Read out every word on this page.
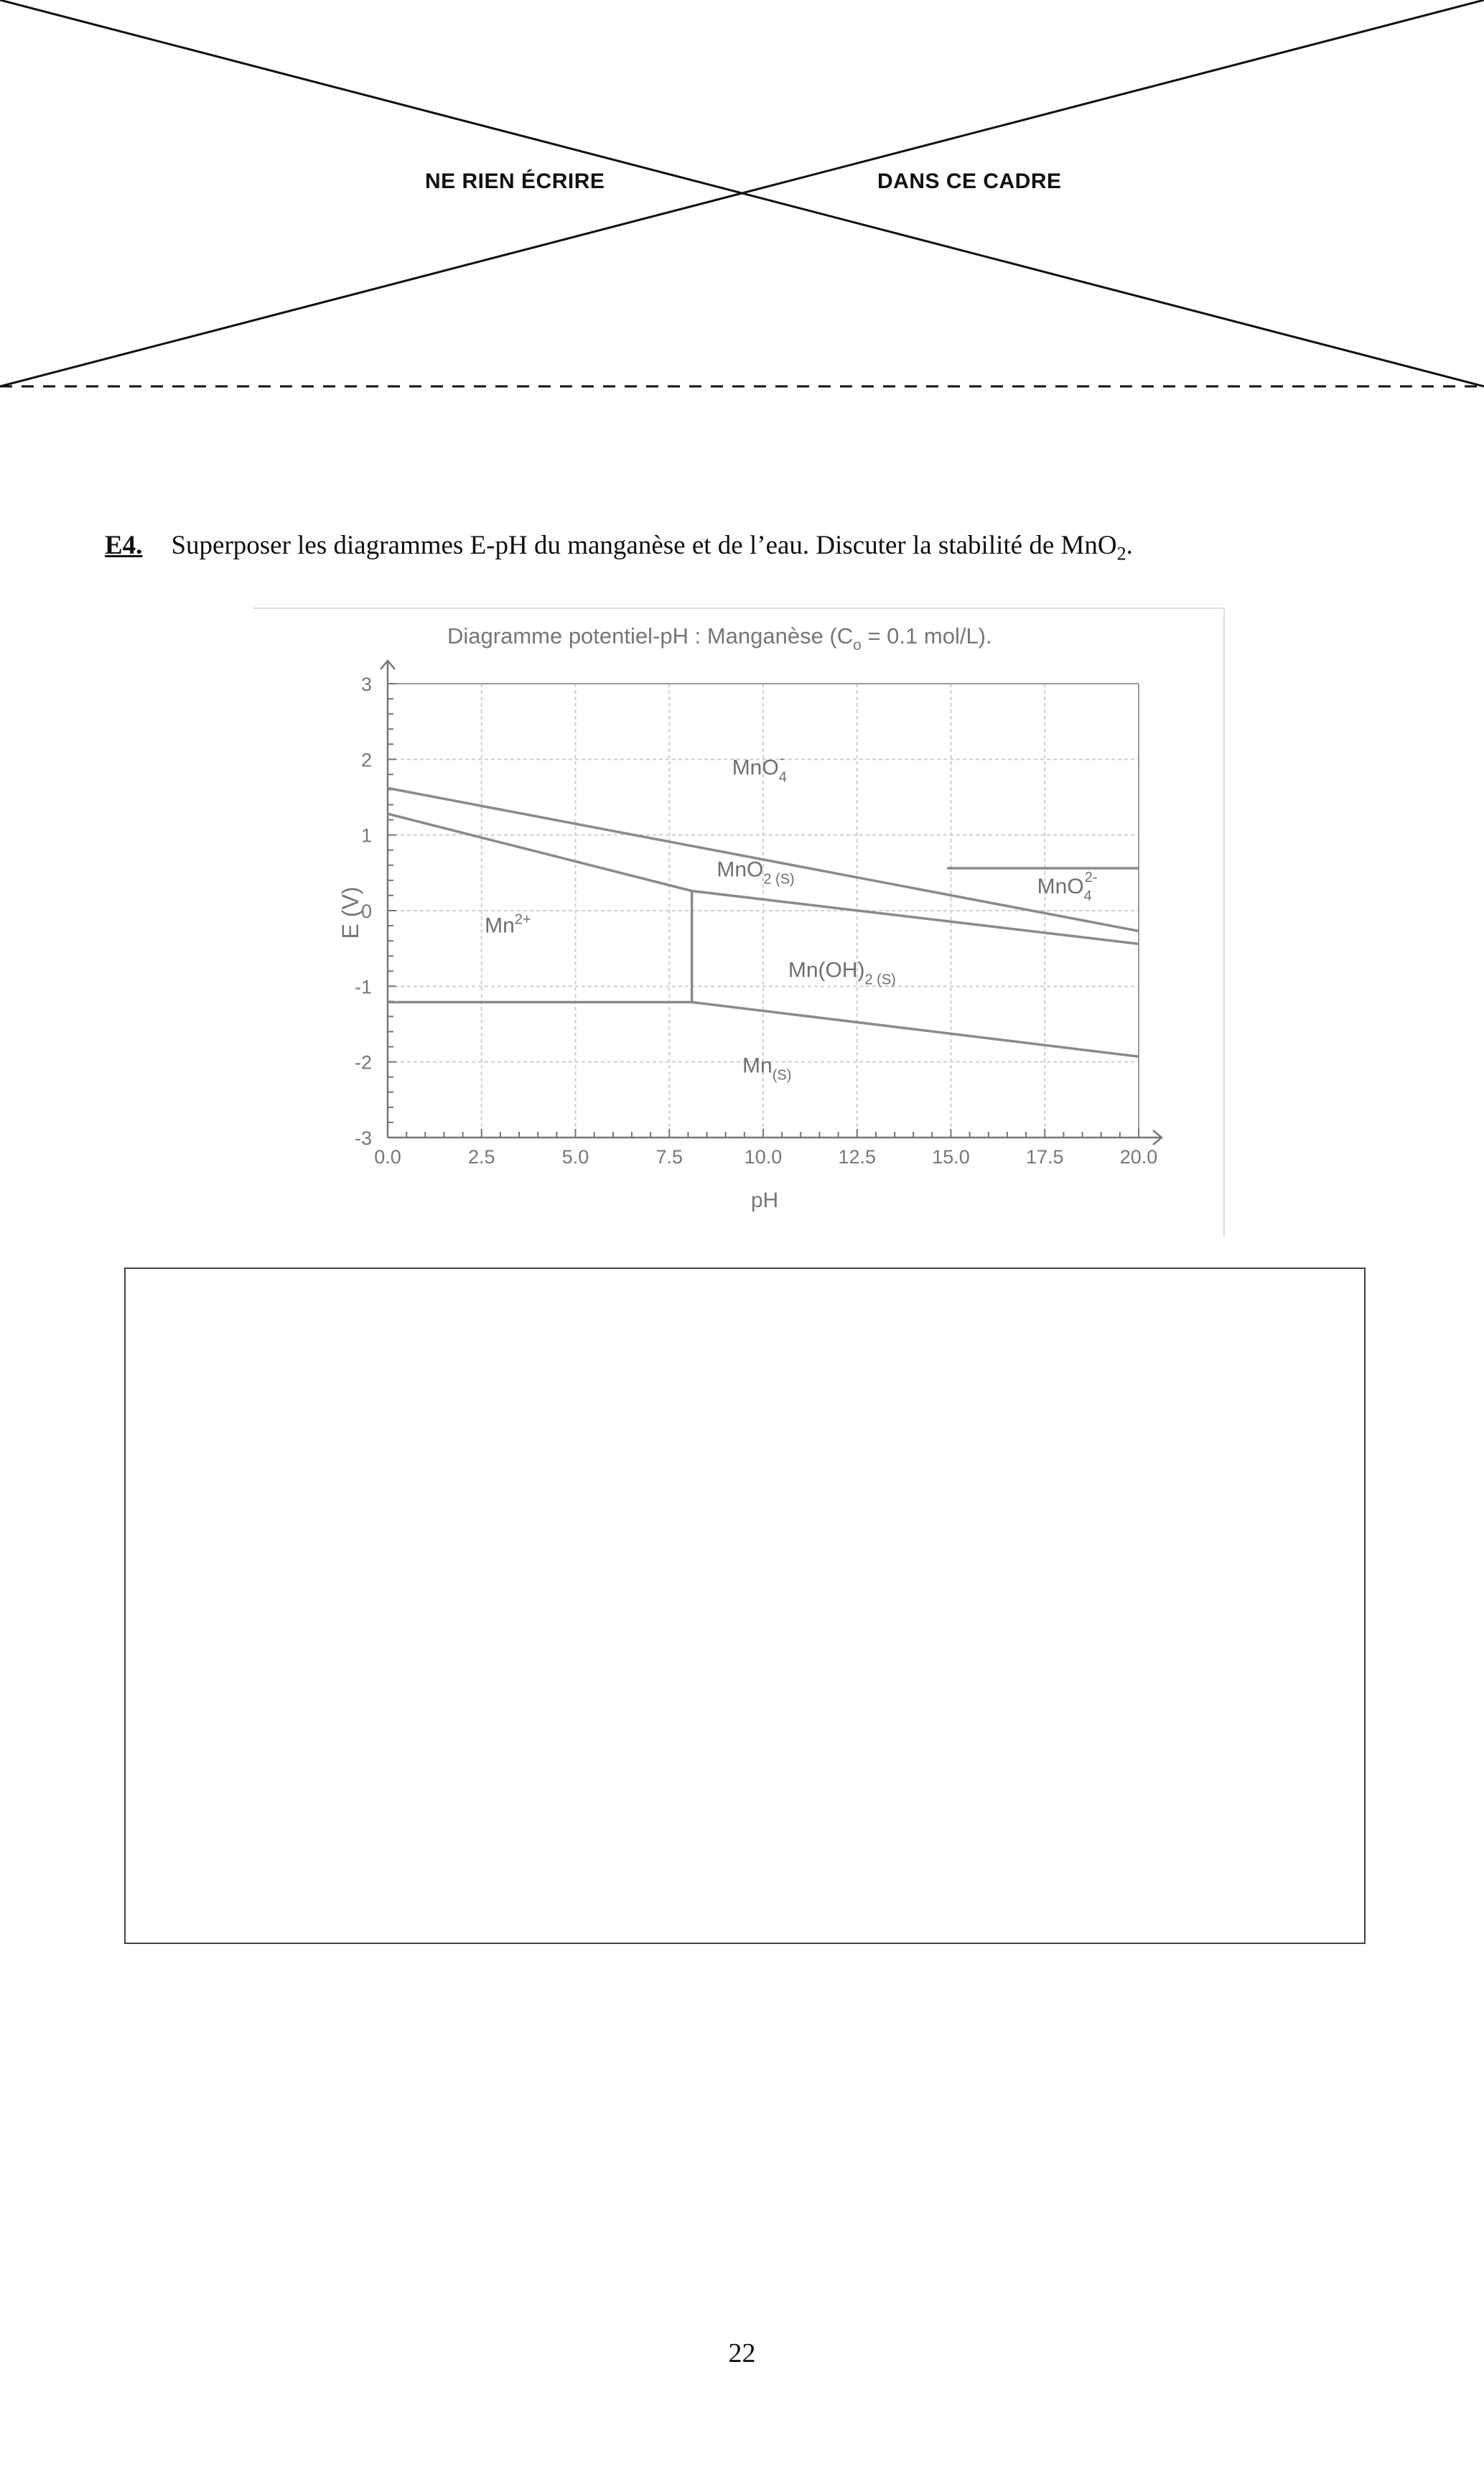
NE RIEN ÉCRIRE	DANS CE CADRE
E4. Superposer les diagrammes E-pH du manganèse et de l’eau. Discuter la stabilité de MnO$_2$.
Diagramme potentiel-pH : Manganèse ($C_o = 0.1$ mol/L).
0.0	2.5	5.0	7.5	10.0	12.5	15.0	17.5	20.0
3
2
1
0
-1
-2
-3
MnO$_4$-
MnO$_{2 (S)}$	MnO$_4$2-
$Mn^{2+}$
$Mn(OH)_{2 (S)}$
$Mn_{(S)}$
pH
E (V)
22
